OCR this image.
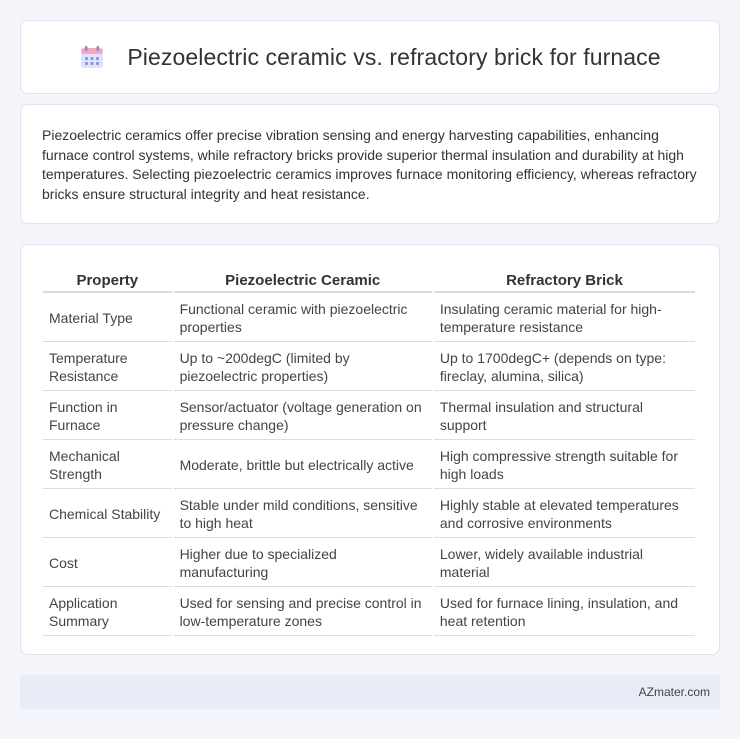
Piezoelectric ceramic vs. refractory brick for furnace

Piezoelectric ceramics offer precise vibration sensing and energy harvesting capabilities, enhancing furnace control systems, while refractory bricks provide superior thermal insulation and durability at high temperatures. Selecting piezoelectric ceramics improves furnace monitoring efficiency, whereas refractory bricks ensure structural integrity and heat resistance.

Property	Piezoelectric Ceramic	Refractory Brick
Material Type	Functional ceramic with piezoelectric properties	Insulating ceramic material for high-temperature resistance
Temperature Resistance	Up to ~200degC (limited by piezoelectric properties)	Up to 1700degC+ (depends on type: fireclay, alumina, silica)
Function in Furnace	Sensor/actuator (voltage generation on pressure change)	Thermal insulation and structural support
Mechanical Strength	Moderate, brittle but electrically active	High compressive strength suitable for high loads
Chemical Stability	Stable under mild conditions, sensitive to high heat	Highly stable at elevated temperatures and corrosive environments
Cost	Higher due to specialized manufacturing	Lower, widely available industrial material
Application Summary	Used for sensing and precise control in low-temperature zones	Used for furnace lining, insulation, and heat retention
AZmater.com
